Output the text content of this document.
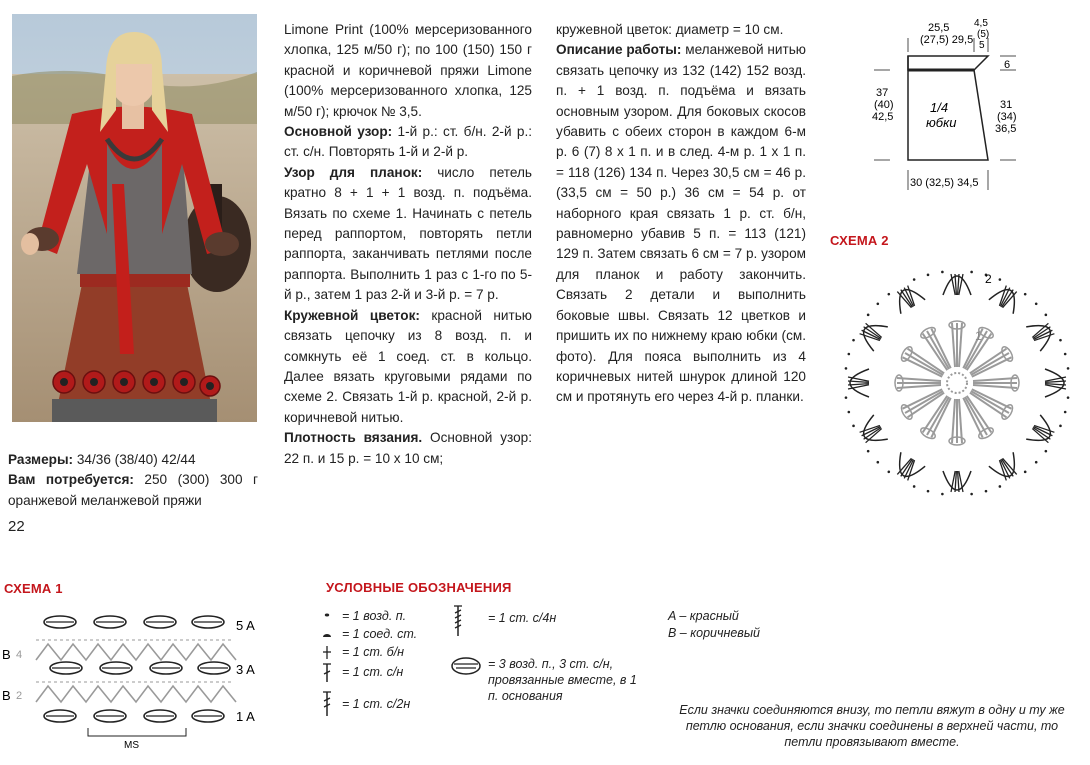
Размеры: 34/36 (38/40) 42/44
Вам потребуется: 250 (300) 300 г оранжевой меланжевой пряжи
22

Limone Print (100% мерсеризованного хлопка, 125 м/50 г); по 100 (150) 150 г красной и коричневой пряжи Limone (100% мерсеризованного хлопка, 125 м/50 г); крючок № 3,5.

Основной узор: 1-й р.: ст. б/н. 2-й р.: ст. с/н. Повторять 1-й и 2-й р.

Узор для планок: число петель кратно 8 + 1 + 1 возд. п. подъёма. Вязать по схеме 1. Начинать с петель перед раппортом, повторять петли раппорта, заканчивать петлями после раппорта. Выполнить 1 раз с 1-го по 5-й р., затем 1 раз 2-й и 3-й р. = 7 р.

Кружевной цветок: красной нитью связать цепочку из 8 возд. п. и сомкнуть её 1 соед. ст. в кольцо. Далее вязать круговыми рядами по схеме 2. Связать 1-й р. красной, 2-й р. коричневой нитью.

Плотность вязания. Основной узор: 22 п. и 15 р. = 10 х 10 см;

кружевной цветок: диаметр = 10 см.

Описание работы: меланжевой нитью связать цепочку из 132 (142) 152 возд. п. + 1 возд. п. подъёма и вязать основным узором. Для боковых скосов убавить с обеих сторон в каждом 6-м р. 6 (7) 8 х 1 п. и в след. 4-м р. 1 х 1 п. = 118 (126) 134 п. Через 30,5 см = 46 р. (33,5 см = 50 р.) 36 см = 54 р. от наборного края связать 1 р. ст. б/н, равномерно убавив 5 п. = 113 (121) 129 п. Затем связать 6 см = 7 р. узором для планок и работу закончить. Связать 2 детали и выполнить боковые швы. Связать 12 цветков и пришить их по нижнему краю юбки (см. фото). Для пояса выполнить из 4 коричневых нитей шнурок длиной 120 см и протянуть его через 4-й р. планки.

25,5
(27,5) 29,5
4,5
(5)
5
6
37
(40)
42,5
31
(34)
36,5
1/4
юбки
30 (32,5) 34,5
СХЕМА 2
2
1
СХЕМА 1
5 A
3 A
1 A
B 4
B 2
MS
УСЛОВНЫЕ ОБОЗНАЧЕНИЯ
= 1 возд. п.
= 1 соед. ст.
= 1 ст. б/н
= 1 ст. с/н
= 1 ст. с/2н
= 1 ст. с/4н
= 3 возд. п., 3 ст. с/н, провязанные вместе, в 1 п. основания
A – красный
B – коричневый
Если значки соединяются внизу, то петли вяжут в одну и ту же петлю основания, если значки соединены в верхней части, то петли провязывают вместе.
